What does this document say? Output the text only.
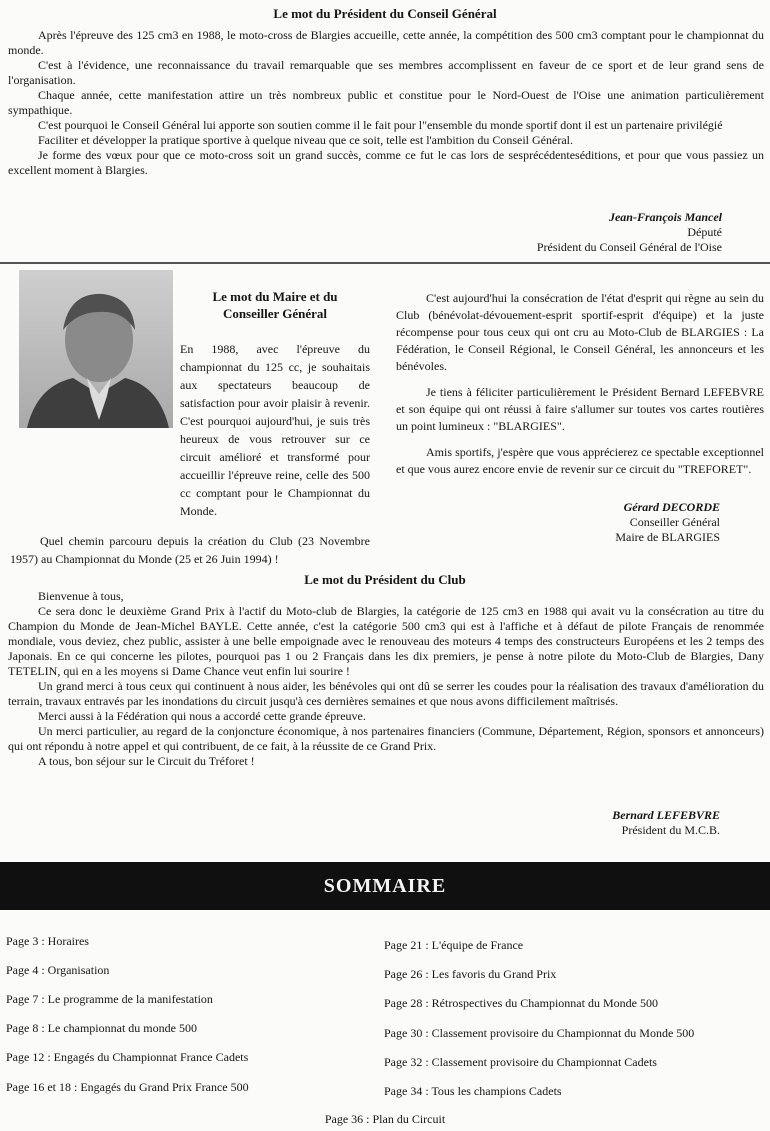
Le mot du Président du Conseil Général

Après l'épreuve des 125 cm3 en 1988, le moto-cross de Blargies accueille, cette année, la compétition des 500 cm3 comptant pour le championnat du monde.

C'est à l'évidence, une reconnaissance du travail remarquable que ses membres accomplissent en faveur de ce sport et de leur grand sens de l'organisation.

Chaque année, cette manifestation attire un très nombreux public et constitue pour le Nord-Ouest de l'Oise une animation particulièrement sympathique.

C'est pourquoi le Conseil Général lui apporte son soutien comme il le fait pour l"ensemble du monde sportif dont il est un partenaire privilégié

Faciliter et développer la pratique sportive à quelque niveau que ce soit, telle est l'ambition du Conseil Général.

Je forme des vœux pour que ce moto-cross soit un grand succès, comme ce fut le cas lors de sesprécédenteséditions, et pour que vous passiez un excellent moment à Blargies.

Jean-François Mancel
Député
Président du Conseil Général de l'Oise
Le mot du Maire et du
Conseiller Général

En 1988, avec l'épreuve du championnat du 125 cc, je souhaitais aux spectateurs beaucoup de satisfaction pour avoir plaisir à revenir. C'est pourquoi aujourd'hui, je suis très heureux de vous retrouver sur ce circuit amélioré et transformé pour accueillir l'épreuve reine, celle des 500 cc comptant pour le Championnat du Monde.

Quel chemin parcouru depuis la création du Club (23 Novembre 1957) au Championnat du Monde (25 et 26 Juin 1994) !

C'est aujourd'hui la consécration de l'état d'esprit qui règne au sein du Club (bénévolat-dévouement-esprit sportif-esprit d'équipe) et la juste récompense pour tous ceux qui ont cru au Moto-Club de BLARGIES : La Fédération, le Conseil Régional, le Conseil Général, les annonceurs et les bénévoles.

Je tiens à féliciter particulièrement le Président Bernard LEFEBVRE et son équipe qui ont réussi à faire s'allumer sur toutes vos cartes routières un point lumineux : "BLARGIES".

Amis sportifs, j'espère que vous apprécierez ce spectable exceptionnel et que vous aurez encore envie de revenir sur ce circuit du "TREFORET".

Gérard DECORDE
Conseiller Général
Maire de BLARGIES
Le mot du Président du Club

Bienvenue à tous,

Ce sera donc le deuxième Grand Prix à l'actif du Moto-club de Blargies, la catégorie de 125 cm3 en 1988 qui avait vu la consécration au titre du Champion du Monde de Jean-Michel BAYLE. Cette année, c'est la catégorie 500 cm3 qui est à l'affiche et à défaut de pilote Français de renommée mondiale, vous deviez, chez public, assister à une belle empoignade avec le renouveau des moteurs 4 temps des constructeurs Européens et les 2 temps des Japonais. En ce qui concerne les pilotes, pourquoi pas 1 ou 2 Français dans les dix premiers, je pense à notre pilote du Moto-Club de Blargies, Dany TETELIN, qui en a les moyens si Dame Chance veut enfin lui sourire !

Un grand merci à tous ceux qui continuent à nous aider, les bénévoles qui ont dû se serrer les coudes pour la réalisation des travaux d'amélioration du terrain, travaux entravés par les inondations du circuit jusqu'à ces dernières semaines et que nous avons difficilement maîtrisés.

Merci aussi à la Fédération qui nous a accordé cette grande épreuve.

Un merci particulier, au regard de la conjoncture économique, à nos partenaires financiers (Commune, Département, Région, sponsors et annonceurs) qui ont répondu à notre appel et qui contribuent, de ce fait, à la réussite de ce Grand Prix.

A tous, bon séjour sur le Circuit du Tréforet !

Bernard LEFEBVRE
Président du M.C.B.
SOMMAIRE
Page 3 : Horaires
Page 4 : Organisation
Page 7 : Le programme de la manifestation
Page 8 : Le championnat du monde 500
Page 12 : Engagés du Championnat France Cadets
Page 16 et 18 : Engagés du Grand Prix France 500
Page 21 : L'équipe de France
Page 26 : Les favoris du Grand Prix
Page 28 : Rétrospectives du Championnat du Monde 500
Page 30 : Classement provisoire du Championnat du Monde 500
Page 32 : Classement provisoire du Championnat Cadets
Page 34 : Tous les champions Cadets
Page 36 : Plan du Circuit
